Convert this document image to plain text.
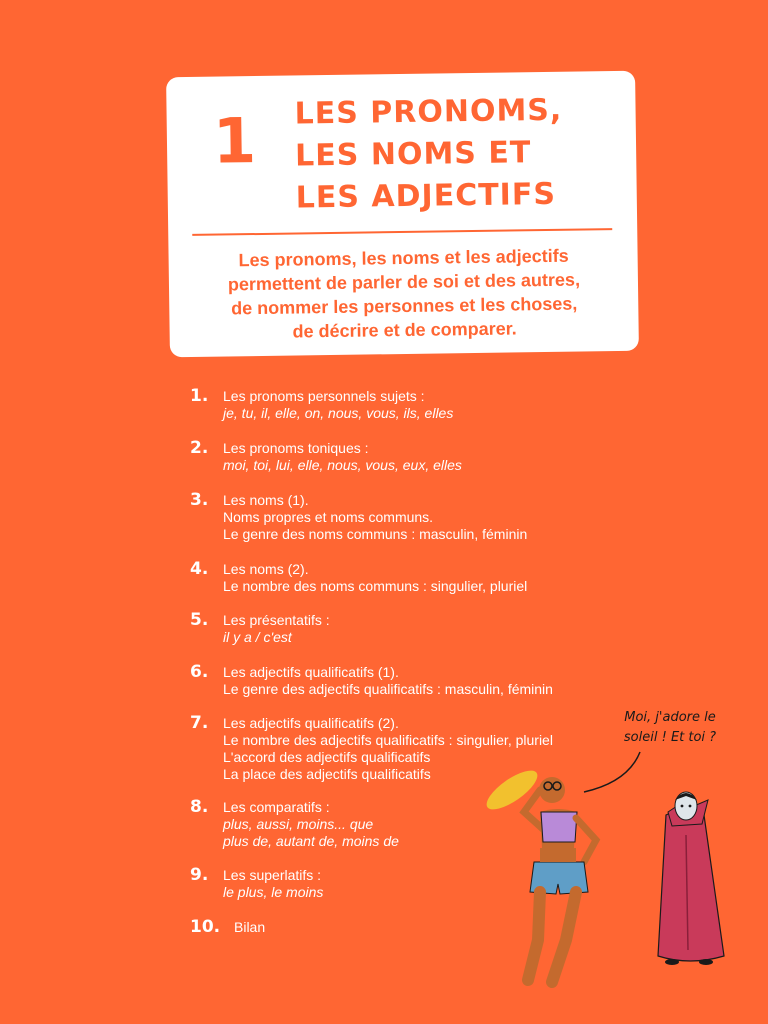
1 LES PRONOMS,
LES NOMS ET
LES ADJECTIFS
Les pronoms, les noms et les adjectifs
permettent de parler de soi et des autres,
de nommer les personnes et les choses,
de décrire et de comparer.
1. Les pronoms personnels sujets :
je, tu, il, elle, on, nous, vous, ils, elles
2. Les pronoms toniques :
moi, toi, lui, elle, nous, vous, eux, elles
3. Les noms (1).
Noms propres et noms communs.
Le genre des noms communs : masculin, féminin
4. Les noms (2).
Le nombre des noms communs : singulier, pluriel
5. Les présentatifs :
il y a / c'est
6. Les adjectifs qualificatifs (1).
Le genre des adjectifs qualificatifs : masculin, féminin
7. Les adjectifs qualificatifs (2).
Le nombre des adjectifs qualificatifs : singulier, pluriel
L'accord des adjectifs qualificatifs
La place des adjectifs qualificatifs
8. Les comparatifs :
plus, aussi, moins... que
plus de, autant de, moins de
9. Les superlatifs :
le plus, le moins
10. Bilan
Moi, j'adore le
soleil ! Et toi ?
